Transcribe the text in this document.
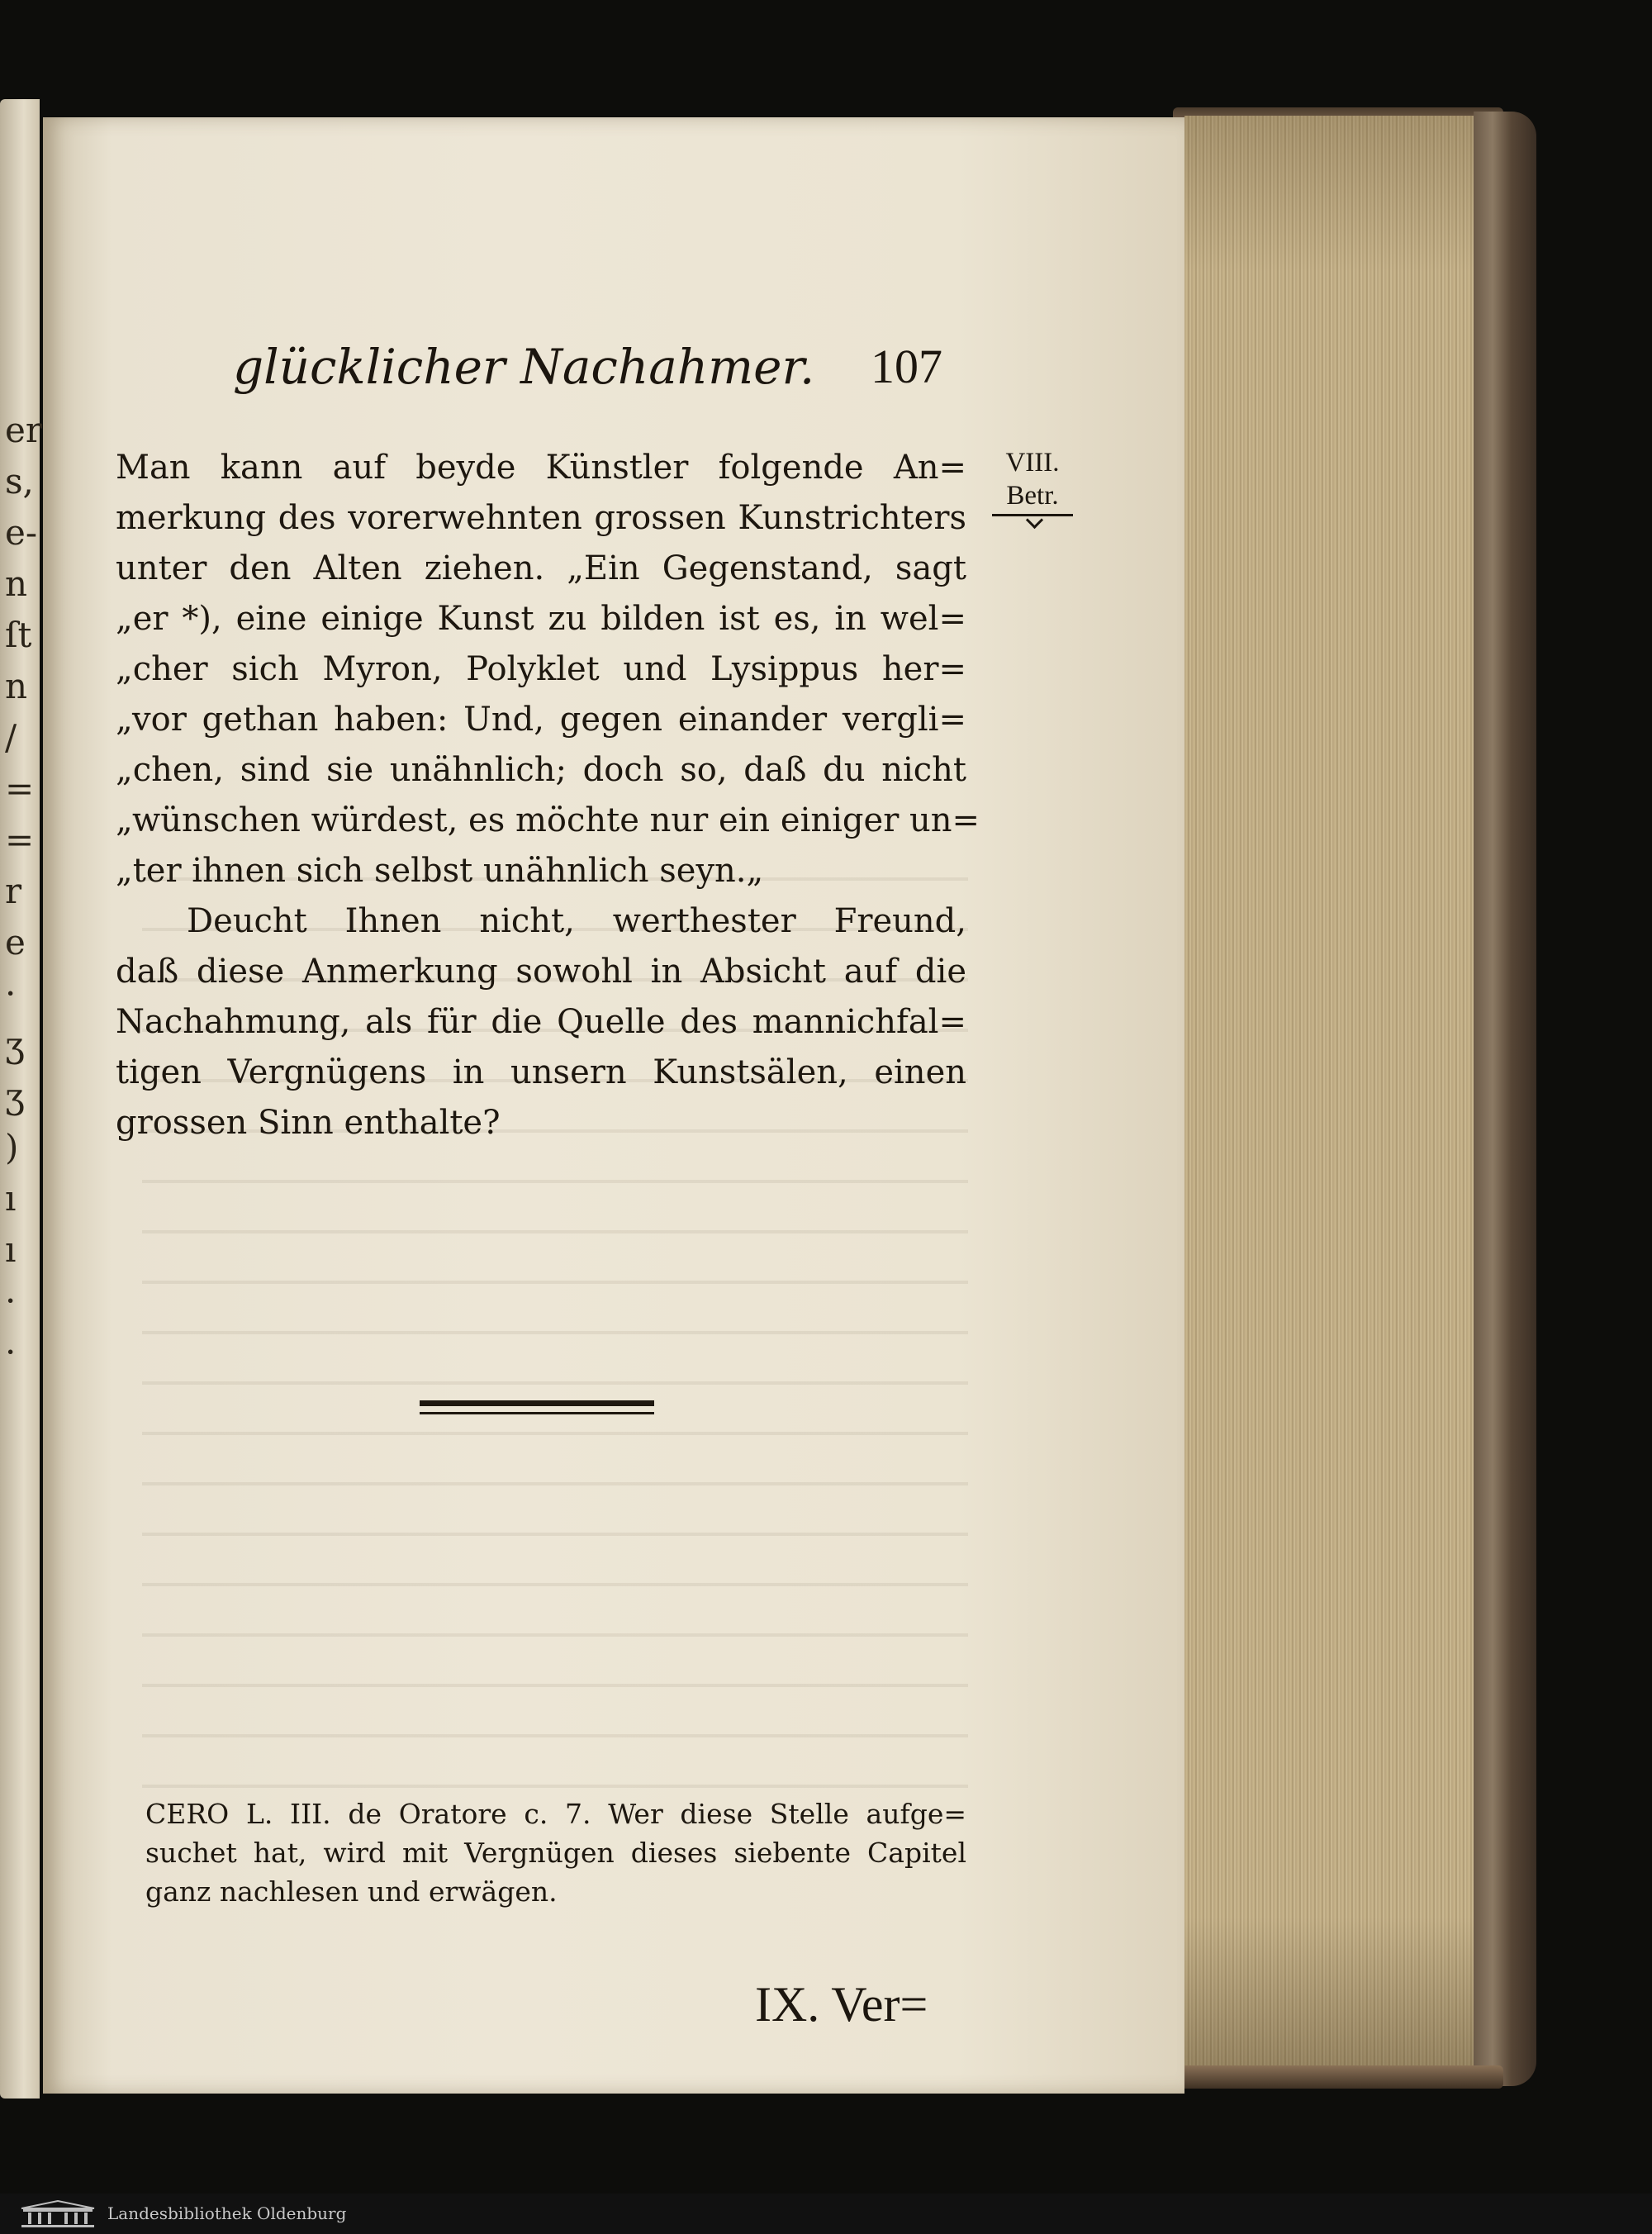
er
s,
e-
n
ſt
n
/
=
=
r
e
·
ʒ
ʒ
)
ı
ı
·
·
glücklicher Nachahmer. 107
VIII.
Betr.
Man kann auf beyde Künstler folgende An=
merkung des vorerwehnten grossen Kunstrichters
unter den Alten ziehen. „Ein Gegenstand, sagt
„er *), eine einige Kunst zu bilden ist es, in wel=
„cher sich Myron, Polyklet und Lysippus her=
„vor gethan haben: Und, gegen einander vergli=
„chen, sind sie unähnlich; doch so, daß du nicht
„wünschen würdest, es möchte nur ein einiger un=
„ter ihnen sich selbst unähnlich seyn.„
Deucht Ihnen nicht, werthester Freund,
daß diese Anmerkung sowohl in Absicht auf die
Nachahmung, als für die Quelle des mannichfal=
tigen Vergnügens in unsern Kunstsälen, einen
grossen Sinn enthalte?
CERO L. III. de Oratore c. 7. Wer diese Stelle aufge=
suchet hat, wird mit Vergnügen dieses siebente Capitel
ganz nachlesen und erwägen.
IX. Ver=
Landesbibliothek Oldenburg
